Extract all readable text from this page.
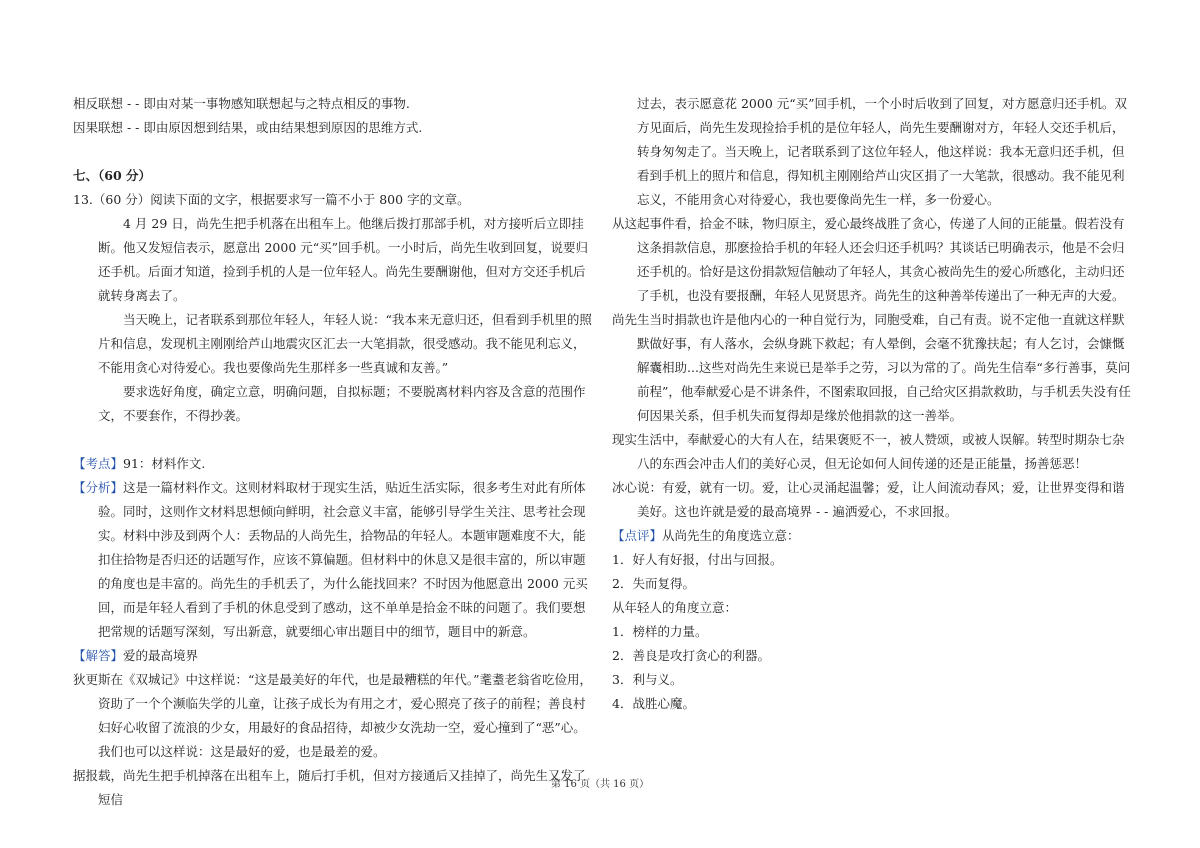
相反联想 - - 即由对某一事物感知联想起与之特点相反的事物.

因果联想 - - 即由原因想到结果，或由结果想到原因的思维方式.

七、（60 分）

13.（60 分）阅读下面的文字，根据要求写一篇不小于 800 字的文章。

4 月 29 日，尚先生把手机落在出租车上。他继后拨打那部手机，对方接听后立即挂断。他又发短信表示，愿意出 2000 元“买”回手机。一小时后，尚先生收到回复，说要归还手机。后面才知道，捡到手机的人是一位年轻人。尚先生要酬谢他，但对方交还手机后就转身离去了。

当天晚上，记者联系到那位年轻人，年轻人说：“我本来无意归还，但看到手机里的照片和信息，发现机主刚刚给芦山地震灾区汇去一大笔捐款，很受感动。我不能见利忘义，不能用贪心对待爱心。我也要像尚先生那样多一些真诚和友善。”

要求选好角度，确定立意，明确问题，自拟标题；不要脱离材料内容及含意的范围作文，不要套作，不得抄袭。

【考点】91：材料作文.

【分析】这是一篇材料作文。这则材料取材于现实生活，贴近生活实际，很多考生对此有所体验。同时，这则作文材料思想倾向鲜明，社会意义丰富，能够引导学生关注、思考社会现实。材料中涉及到两个人：丢物品的人尚先生，拾物品的年轻人。本题审题难度不大，能扣住拾物是否归还的话题写作，应该不算偏题。但材料中的休息又是很丰富的，所以审题的角度也是丰富的。尚先生的手机丢了，为什么能找回来？不时因为他愿意出 2000 元买回，而是年轻人看到了手机的休息受到了感动，这不单单是拾金不昧的问题了。我们要想把常规的话题写深刻，写出新意，就要细心审出题目中的细节，题目中的新意。

【解答】爱的最高境界

狄更斯在《双城记》中这样说：“这是最美好的年代，也是最糟糕的年代。”耄耋老翁省吃俭用，资助了一个个濒临失学的儿童，让孩子成长为有用之才，爱心照亮了孩子的前程；善良村妇好心收留了流浪的少女，用最好的食品招待，却被少女洗劫一空，爱心撞到了“恶”心。我们也可以这样说：这是最好的爱，也是最差的爱。

据报载，尚先生把手机掉落在出租车上，随后打手机，但对方接通后又挂掉了，尚先生又发了短信

过去，表示愿意花 2000 元“买”回手机，一个小时后收到了回复，对方愿意归还手机。双方见面后，尚先生发现捡拾手机的是位年轻人，尚先生要酬谢对方，年轻人交还手机后，转身匆匆走了。当天晚上，记者联系到了这位年轻人，他这样说：我本无意归还手机，但看到手机上的照片和信息，得知机主刚刚给芦山灾区捐了一大笔款，很感动。我不能见利忘义，不能用贪心对待爱心，我也要像尚先生一样，多一份爱心。

从这起事件看，拾金不昧，物归原主，爱心最终战胜了贪心，传递了人间的正能量。假若没有这条捐款信息，那麽捡拾手机的年轻人还会归还手机吗？其谈话已明确表示，他是不会归还手机的。恰好是这份捐款短信触动了年轻人，其贪心被尚先生的爱心所感化，主动归还了手机，也没有要报酬，年轻人见贤思齐。尚先生的这种善举传递出了一种无声的大爱。

尚先生当时捐款也许是他内心的一种自觉行为，同胞受难，自己有责。说不定他一直就这样默默做好事，有人落水，会纵身跳下救起；有人晕倒，会毫不犹豫扶起；有人乞讨，会慷慨解囊相助...这些对尚先生来说已是举手之劳，习以为常的了。尚先生信奉“多行善事，莫问前程”，他奉献爱心是不讲条件，不图索取回报，自己给灾区捐款救助，与手机丢失没有任何因果关系，但手机失而复得却是缘於他捐款的这一善举。

现实生活中，奉献爱心的大有人在，结果褒贬不一，被人赞颂，或被人误解。转型时期杂七杂八的东西会冲击人们的美好心灵，但无论如何人间传递的还是正能量，扬善惩恶！

冰心说：有爱，就有一切。爱，让心灵涌起温馨；爱，让人间流动春风；爱，让世界变得和谐美好。这也许就是爱的最高境界 - - 遍洒爱心，不求回报。

【点评】从尚先生的角度选立意：

1．好人有好报，付出与回报。

2．失而复得。

从年轻人的角度立意：

1．榜样的力量。

2．善良是攻打贪心的利器。

3．利与义。

4．战胜心魔。

第 16 页（共 16 页）
